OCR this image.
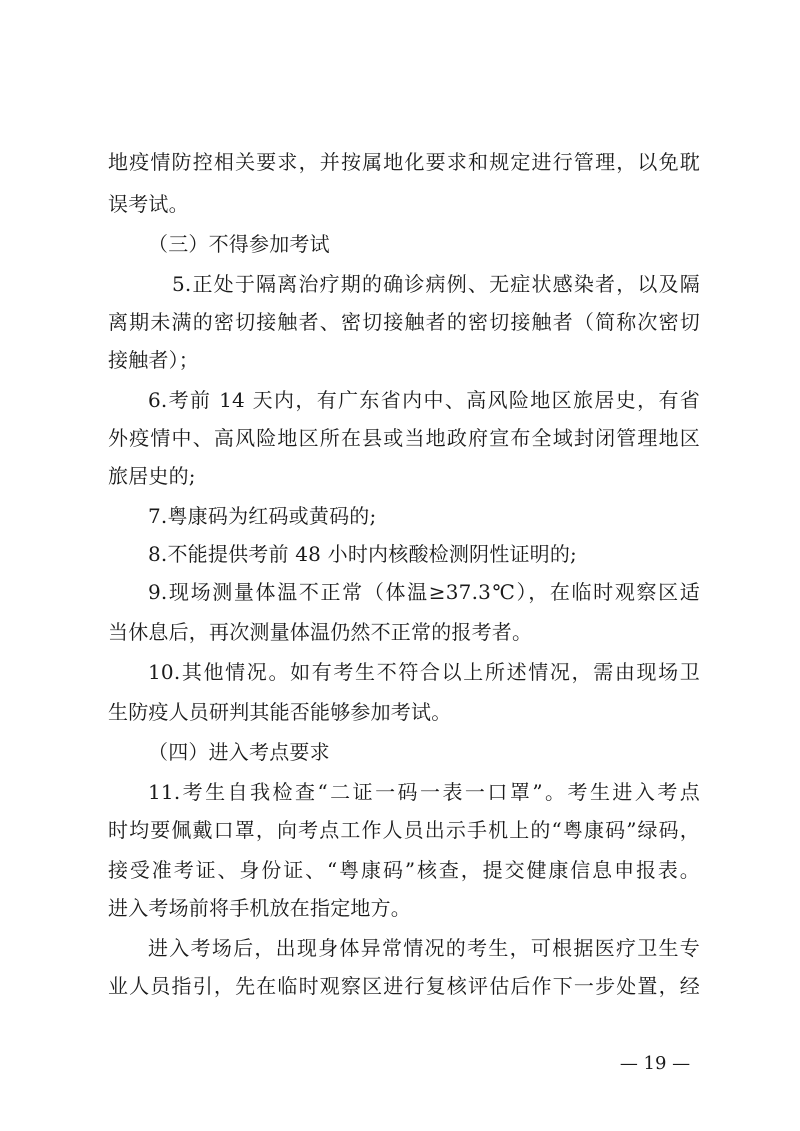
地疫情防控相关要求，并按属地化要求和规定进行管理，以免耽
误考试。
（三）不得参加考试
5.正处于隔离治疗期的确诊病例、无症状感染者，以及隔
离期未满的密切接触者、密切接触者的密切接触者（简称次密切
接触者）；
6.考前 14 天内，有广东省内中、高风险地区旅居史，有省
外疫情中、高风险地区所在县或当地政府宣布全域封闭管理地区
旅居史的;
7.粤康码为红码或黄码的;
8.不能提供考前 48 小时内核酸检测阴性证明的;
9.现场测量体温不正常（体温≥37.3℃），在临时观察区适
当休息后，再次测量体温仍然不正常的报考者。
10.其他情况。如有考生不符合以上所述情况，需由现场卫
生防疫人员研判其能否能够参加考试。
（四）进入考点要求
11.考生自我检查“二证一码一表一口罩”。考生进入考点
时均要佩戴口罩，向考点工作人员出示手机上的“粤康码”绿码，
接受准考证、身份证、“粤康码”核查，提交健康信息申报表。
进入考场前将手机放在指定地方。
进入考场后，出现身体异常情况的考生，可根据医疗卫生专
业人员指引，先在临时观察区进行复核评估后作下一步处置，经
— 19 —
